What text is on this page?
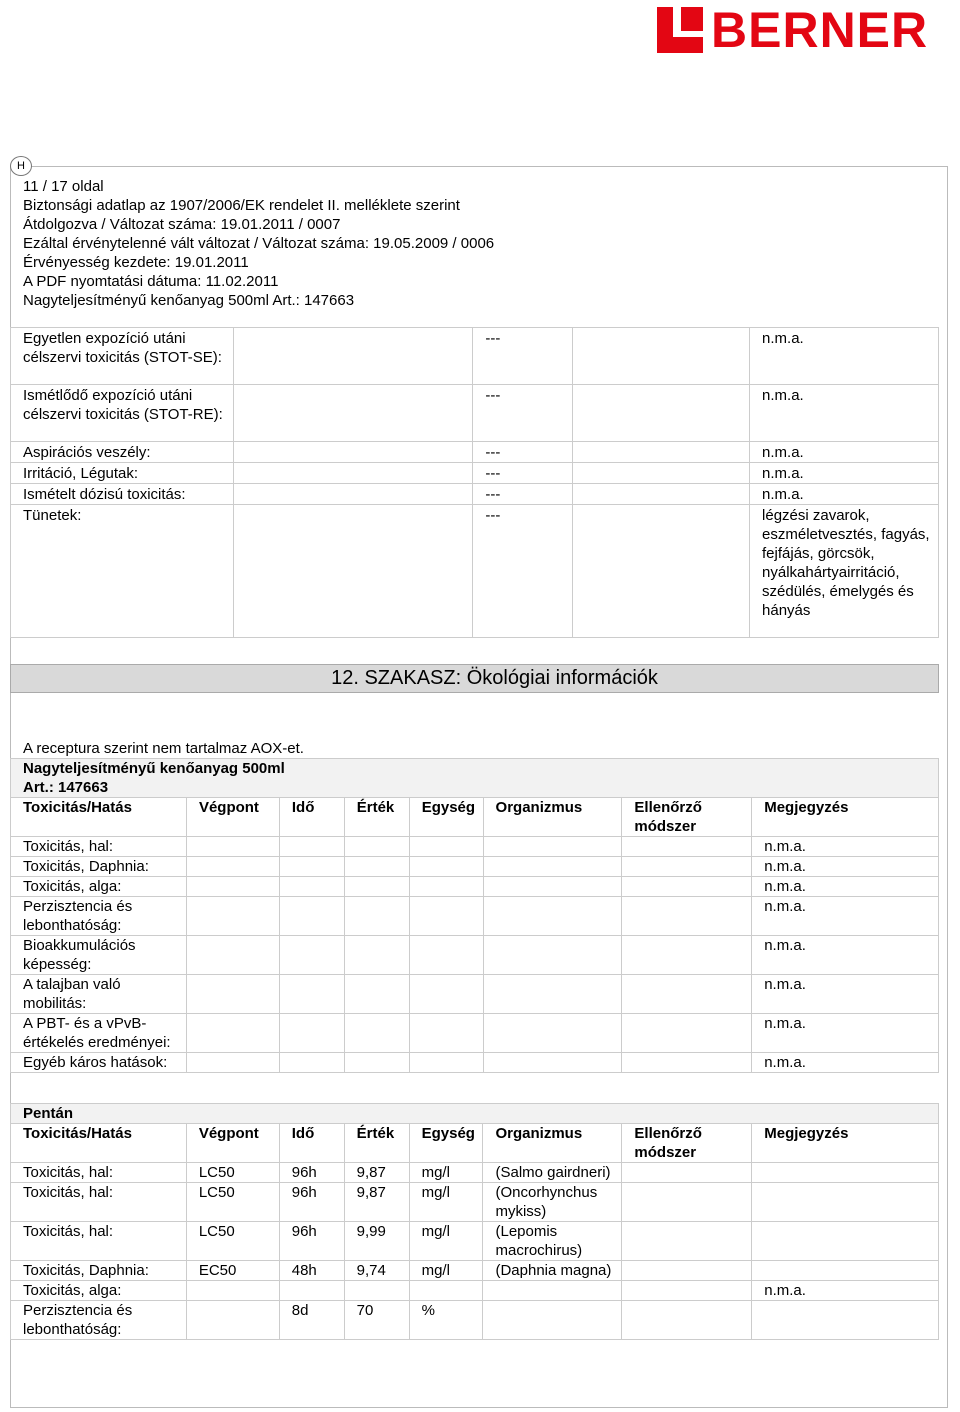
BERNER
H
11 / 17 oldal
Biztonsági adatlap az 1907/2006/EK rendelet II. melléklete szerint
Átdolgozva / Változat száma: 19.01.2011 / 0007
Ezáltal érvénytelenné vált változat / Változat száma: 19.05.2009 / 0006
Érvényesség kezdete: 19.01.2011
A PDF nyomtatási dátuma: 11.02.2011
Nagyteljesítményű kenőanyag 500ml Art.: 147663
Egyetlen expozíció utáni célszervi toxicitás (STOT-SE):		---		n.m.a.
Ismétlődő expozíció utáni célszervi toxicitás (STOT-RE):		---		n.m.a.
Aspirációs veszély:		---		n.m.a.
Irritáció, Légutak:		---		n.m.a.
Ismételt dózisú toxicitás:		---		n.m.a.
Tünetek:		---		légzési zavarok, eszméletvesztés, fagyás, fejfájás, görcsök, nyálkahártyairritáció, szédülés, émelygés és hányás
12. SZAKASZ: Ökológiai információk
A receptura szerint nem tartalmaz AOX-et.
Nagyteljesítményű kenőanyag 500ml
Art.: 147663							

Toxicitás/Hatás	Végpont	Idő	Érték	Egység	Organizmus	Ellenőrző módszer	Megjegyzés
Toxicitás, hal:							n.m.a.
Toxicitás, Daphnia:							n.m.a.
Toxicitás, alga:							n.m.a.
Perzisztencia és lebonthatóság:							n.m.a.
Bioakkumulációs képesség:							n.m.a.
A talajban való mobilitás:							n.m.a.
A PBT- és a vPvB-értékelés eredményei:							n.m.a.
Egyéb káros hatások:							n.m.a.
Pentán							
Toxicitás/Hatás	Végpont	Idő	Érték	Egység	Organizmus	Ellenőrző módszer	Megjegyzés
Toxicitás, hal:	LC50	96h	9,87	mg/l	(Salmo gairdneri)		
Toxicitás, hal:	LC50	96h	9,87	mg/l	(Oncorhynchus mykiss)		
Toxicitás, hal:	LC50	96h	9,99	mg/l	(Lepomis macrochirus)		
Toxicitás, Daphnia:	EC50	48h	9,74	mg/l	(Daphnia magna)		
Toxicitás, alga:							n.m.a.
Perzisztencia és lebonthatóság:		8d	70	%			
